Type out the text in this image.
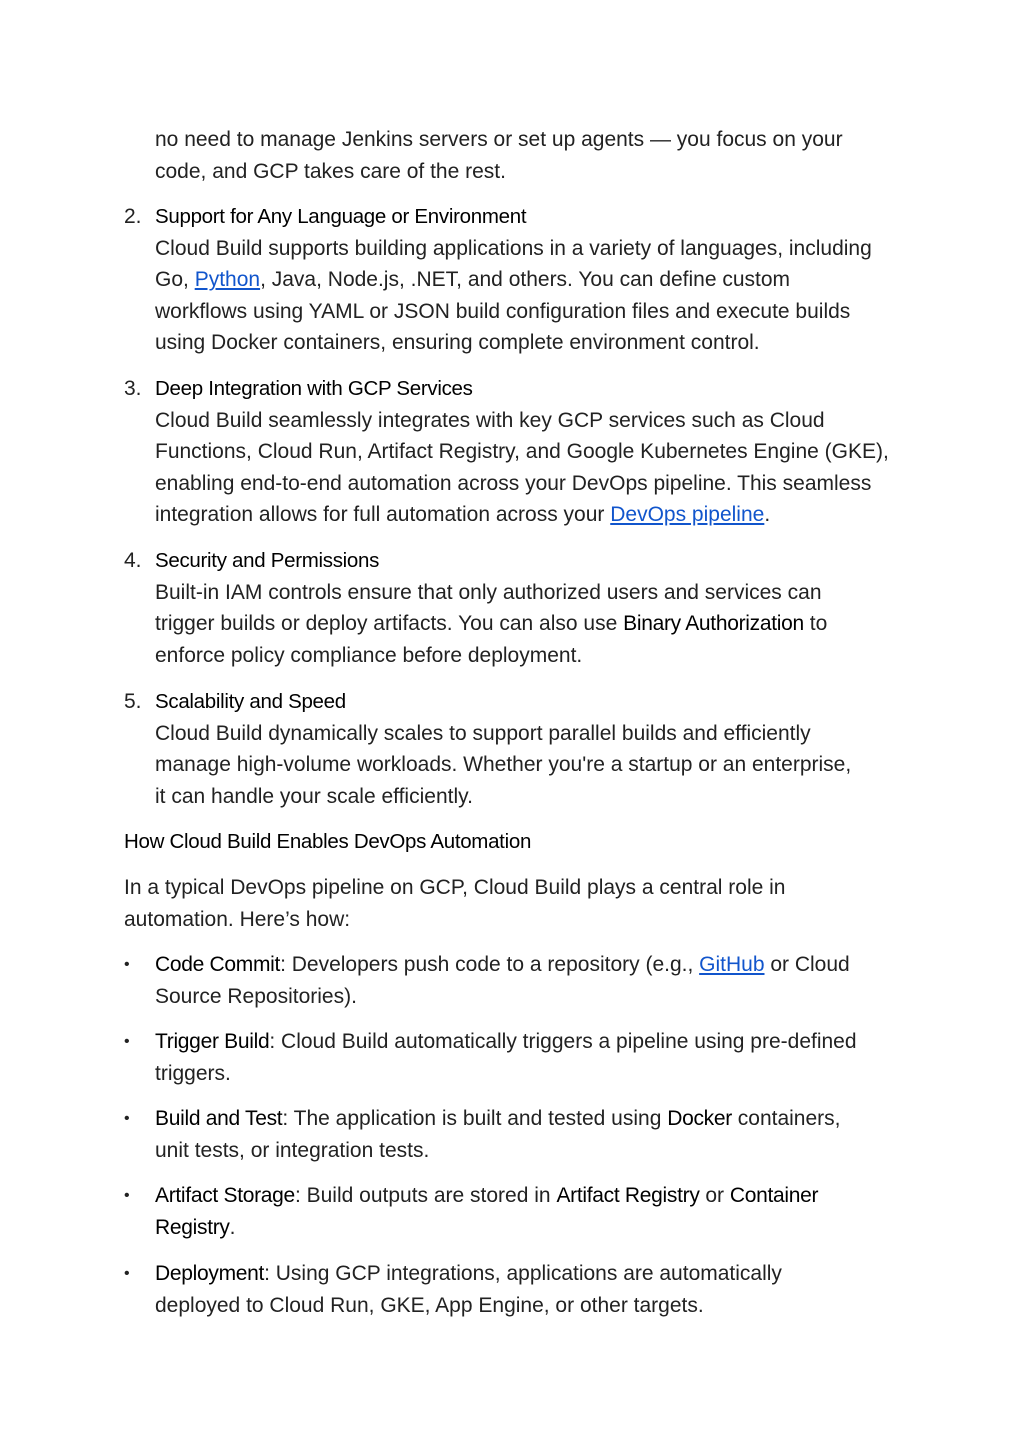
no need to manage Jenkins servers or set up agents — you focus on your
code, and GCP takes care of the rest.

2. Support for Any Language or Environment
Cloud Build supports building applications in a variety of languages, including
Go, Python, Java, Node.js, .NET, and others. You can define custom
workflows using YAML or JSON build configuration files and execute builds
using Docker containers, ensuring complete environment control.

3. Deep Integration with GCP Services
Cloud Build seamlessly integrates with key GCP services such as Cloud
Functions, Cloud Run, Artifact Registry, and Google Kubernetes Engine (GKE),
enabling end-to-end automation across your DevOps pipeline. This seamless
integration allows for full automation across your DevOps pipeline.

4. Security and Permissions
Built-in IAM controls ensure that only authorized users and services can
trigger builds or deploy artifacts. You can also use Binary Authorization to
enforce policy compliance before deployment.

5. Scalability and Speed
Cloud Build dynamically scales to support parallel builds and efficiently
manage high-volume workloads. Whether you're a startup or an enterprise,
it can handle your scale efficiently.

How Cloud Build Enables DevOps Automation

In a typical DevOps pipeline on GCP, Cloud Build plays a central role in
automation. Here’s how:

• Code Commit: Developers push code to a repository (e.g., GitHub or Cloud
Source Repositories).

• Trigger Build: Cloud Build automatically triggers a pipeline using pre-defined
triggers.

• Build and Test: The application is built and tested using Docker containers,
unit tests, or integration tests.

• Artifact Storage: Build outputs are stored in Artifact Registry or Container
Registry.

• Deployment: Using GCP integrations, applications are automatically
deployed to Cloud Run, GKE, App Engine, or other targets.
